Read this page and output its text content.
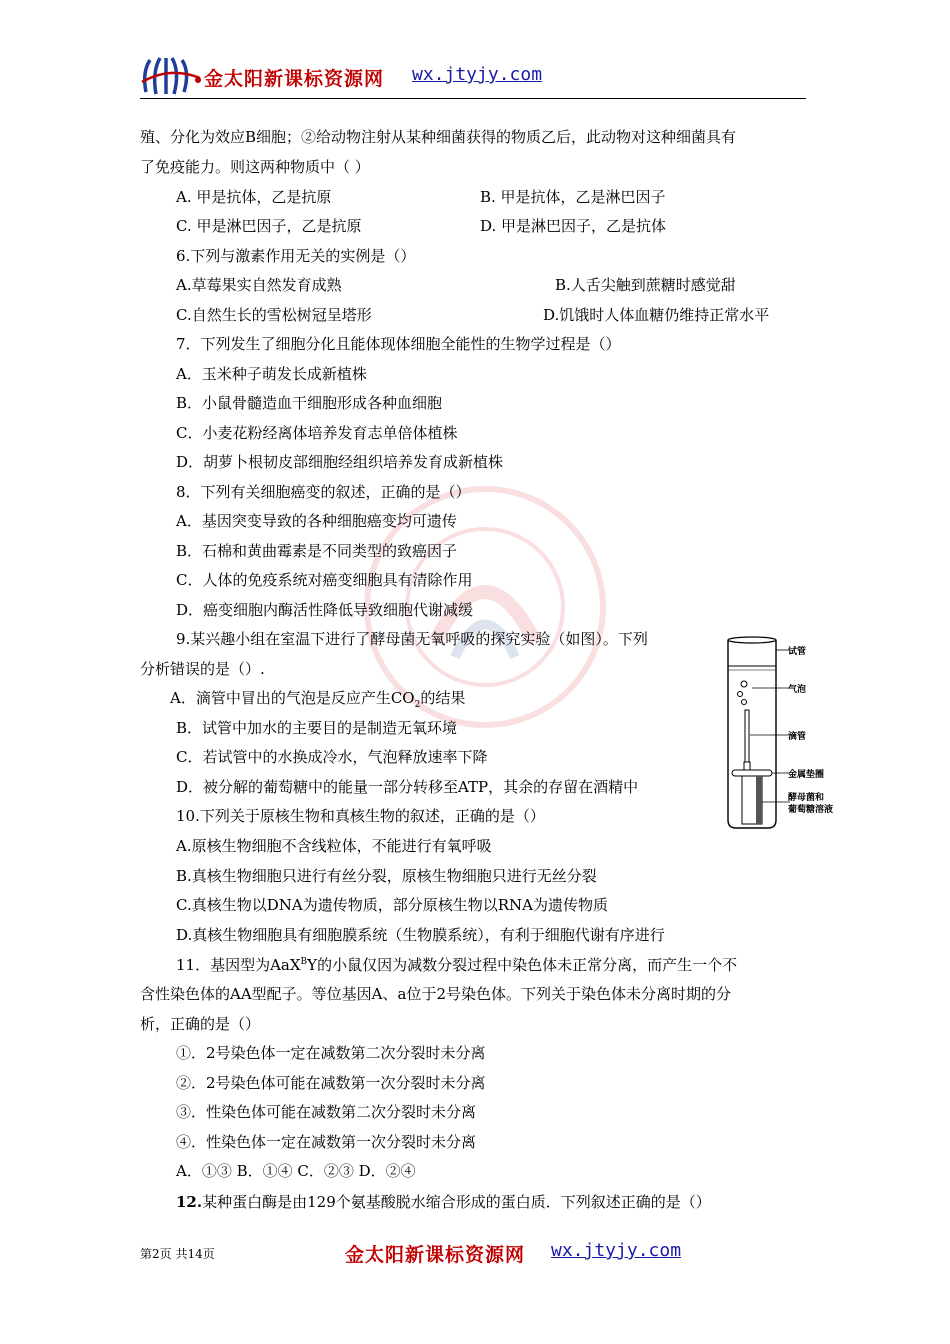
金太阳新课标资源网 wx.jtyjy.com
殖、分化为效应B细胞；②给动物注射从某种细菌获得的物质乙后，此动物对这种细菌具有
了免疫能力。则这两种物质中（ ）
A. 甲是抗体，乙是抗原	B. 甲是抗体，乙是淋巴因子
C. 甲是淋巴因子，乙是抗原	D. 甲是淋巴因子，乙是抗体
6.下列与激素作用无关的实例是（）
A.草莓果实自然发育成熟	B.人舌尖触到蔗糖时感觉甜
C.自然生长的雪松树冠呈塔形	D.饥饿时人体血糖仍维持正常水平
7．下列发生了细胞分化且能体现体细胞全能性的生物学过程是（）
A．玉米种子萌发长成新植株
B．小鼠骨髓造血干细胞形成各种血细胞
C．小麦花粉经离体培养发育志单倍体植株
D．胡萝卜根韧皮部细胞经组织培养发育成新植株
8．下列有关细胞癌变的叙述，正确的是（）
A．基因突变导致的各种细胞癌变均可遗传
B．石棉和黄曲霉素是不同类型的致癌因子
C．人体的免疫系统对癌变细胞具有清除作用
D．癌变细胞内酶活性降低导致细胞代谢减缓
9.某兴趣小组在室温下进行了酵母菌无氧呼吸的探究实验（如图）。下列
分析错误的是（）.
A．滴管中冒出的气泡是反应产生$CO_2$的结果
B．试管中加水的主要目的是制造无氧环境
C．若试管中的水换成冷水，气泡释放速率下降
D．被分解的葡萄糖中的能量一部分转移至ATP，其余的存留在酒精中
试管
气泡
滴管
金属垫圈
酵母菌和
葡萄糖溶液
10.下列关于原核生物和真核生物的叙述，正确的是（）
A.原核生物细胞不含线粒体，不能进行有氧呼吸
B.真核生物细胞只进行有丝分裂，原核生物细胞只进行无丝分裂
C.真核生物以DNA为遗传物质，部分原核生物以RNA为遗传物质
D.真核生物细胞具有细胞膜系统（生物膜系统），有利于细胞代谢有序进行
11．基因型为AaX$^B$Y的小鼠仅因为减数分裂过程中染色体未正常分离，而产生一个不
含性染色体的AA型配子。等位基因A、a位于2号染色体。下列关于染色体未分离时期的分
析，正确的是（）
①．2号染色体一定在减数第二次分裂时未分离
②．2号染色体可能在减数第一次分裂时未分离
③．性染色体可能在减数第二次分裂时未分离
④．性染色体一定在减数第一次分裂时未分离
A．①③ B．①④ C．②③ D．②④
12.某种蛋白酶是由129个氨基酸脱水缩合形成的蛋白质．下列叙述正确的是（）
第2页 共14页	金太阳新课标资源网 wx.jtyjy.com
